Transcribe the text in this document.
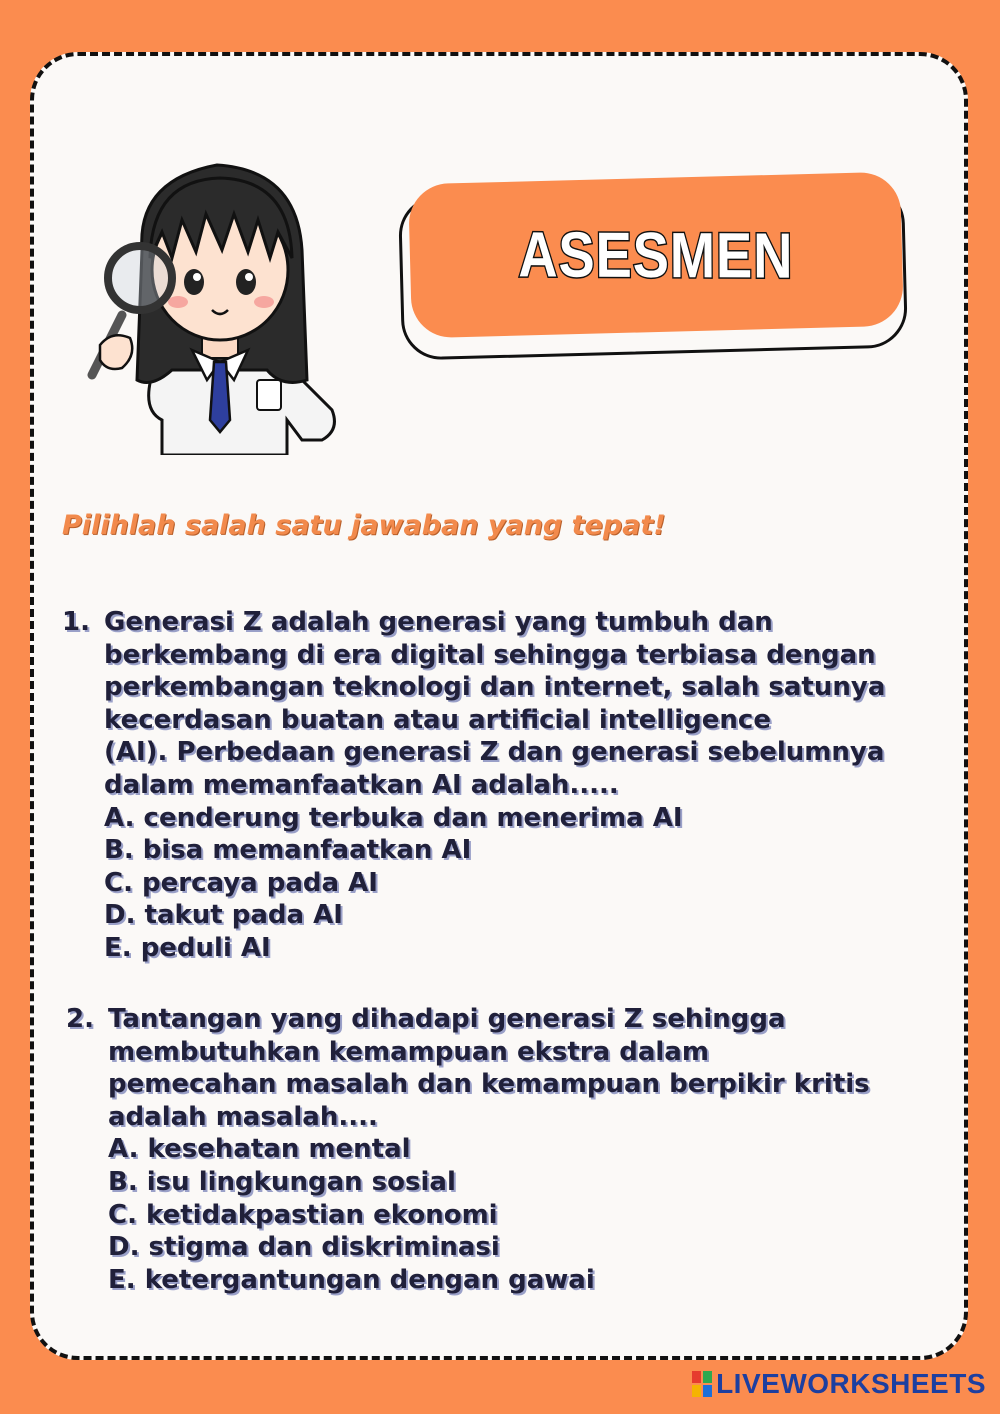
ASESMEN

Pilihlah salah satu jawaban yang tepat!

1. Generasi Z adalah generasi yang tumbuh dan
berkembang di era digital sehingga terbiasa dengan
perkembangan teknologi dan internet, salah satunya
kecerdasan buatan atau artificial intelligence
(AI). Perbedaan generasi Z dan generasi sebelumnya
dalam memanfaatkan AI adalah.....
A. cenderung terbuka dan menerima AI
B. bisa memanfaatkan AI
C. percaya pada AI
D. takut pada AI
E. peduli AI
2. Tantangan yang dihadapi generasi Z sehingga
membutuhkan kemampuan ekstra dalam
pemecahan masalah dan kemampuan berpikir kritis
adalah masalah....
A. kesehatan mental
B. isu lingkungan sosial
C. ketidakpastian ekonomi
D. stigma dan diskriminasi
E. ketergantungan dengan gawai
LIVEWORKSHEETS
